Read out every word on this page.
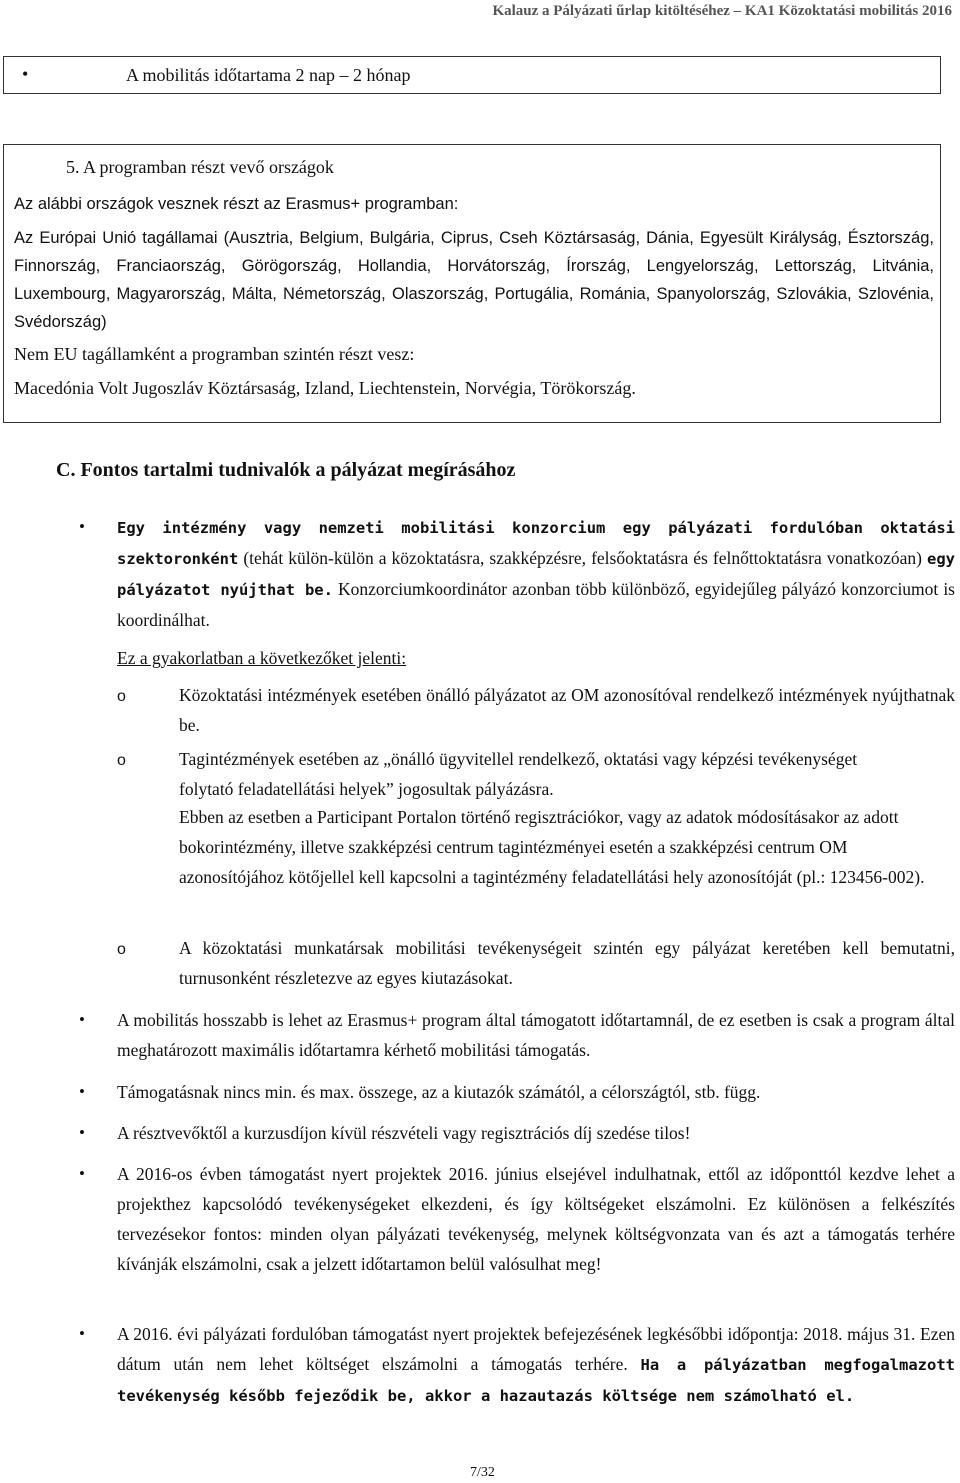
Kalauz a Pályázati űrlap kitöltéséhez – KA1 Közoktatási mobilitás 2016
•	A mobilitás időtartama 2 nap – 2 hónap
5. A programban részt vevő országok

Az alábbi országok vesznek részt az Erasmus+ programban:

Az Európai Unió tagállamai (Ausztria, Belgium, Bulgária, Ciprus, Cseh Köztársaság, Dánia, Egyesült Királyság, Észtország, Finnország, Franciaország, Görögország, Hollandia, Horvátország, Írország, Lengyelország, Lettország, Litvánia, Luxembourg, Magyarország, Málta, Németország, Olaszország, Portugália, Románia, Spanyolország, Szlovákia, Szlovénia, Svédország)

Nem EU tagállamként a programban szintén részt vesz:

Macedónia Volt Jugoszláv Köztársaság, Izland, Liechtenstein, Norvégia, Törökország.

C. Fontos tartalmi tudnivalók a pályázat megírásához
• Egy intézmény vagy nemzeti mobilitási konzorcium egy pályázati fordulóban oktatási szektoronként (tehát külön-külön a közoktatásra, szakképzésre, felsőoktatásra és felnőttoktatásra vonatkozóan) egy pályázatot nyújthat be. Konzorciumkoordinátor azonban több különböző, egyidejűleg pályázó konzorciumot is koordinálhat.

Ez a gyakorlatban a következőket jelenti:
o	Közoktatási intézmények esetében önálló pályázatot az OM azonosítóval rendelkező intézmények nyújthatnak be.

o	Tagintézmények esetében az „önálló ügyvitellel rendelkező, oktatási vagy képzési tevékenységet folytató feladatellátási helyek” jogosultak pályázásra.

Ebben az esetben a Participant Portalon történő regisztrációkor, vagy az adatok módosításakor az adott bokorintézmény, illetve szakképzési centrum tagintézményei esetén a szakképzési centrum OM azonosítójához kötőjellel kell kapcsolni a tagintézmény feladatellátási hely azonosítóját (pl.: 123456-002).

o	A közoktatási munkatársak mobilitási tevékenységeit szintén egy pályázat keretében kell bemutatni, turnusonként részletezve az egyes kiutazásokat.

• A mobilitás hosszabb is lehet az Erasmus+ program által támogatott időtartamnál, de ez esetben is csak a program által meghatározott maximális időtartamra kérhető mobilitási támogatás.

• Támogatásnak nincs min. és max. összege, az a kiutazók számától, a célországtól, stb. függ.

• A résztvevőktől a kurzusdíjon kívül részvételi vagy regisztrációs díj szedése tilos!

• A 2016-os évben támogatást nyert projektek 2016. június elsejével indulhatnak, ettől az időponttól kezdve lehet a projekthez kapcsolódó tevékenységeket elkezdeni, és így költségeket elszámolni. Ez különösen a felkészítés tervezésekor fontos: minden olyan pályázati tevékenység, melynek költségvonzata van és azt a támogatás terhére kívánják elszámolni, csak a jelzett időtartamon belül valósulhat meg!

• A 2016. évi pályázati fordulóban támogatást nyert projektek befejezésének legkésőbbi időpontja: 2018. május 31. Ezen dátum után nem lehet költséget elszámolni a támogatás terhére. Ha a pályázatban megfogalmazott tevékenység később fejeződik be, akkor a hazautazás költsége nem számolható el.

7/32
